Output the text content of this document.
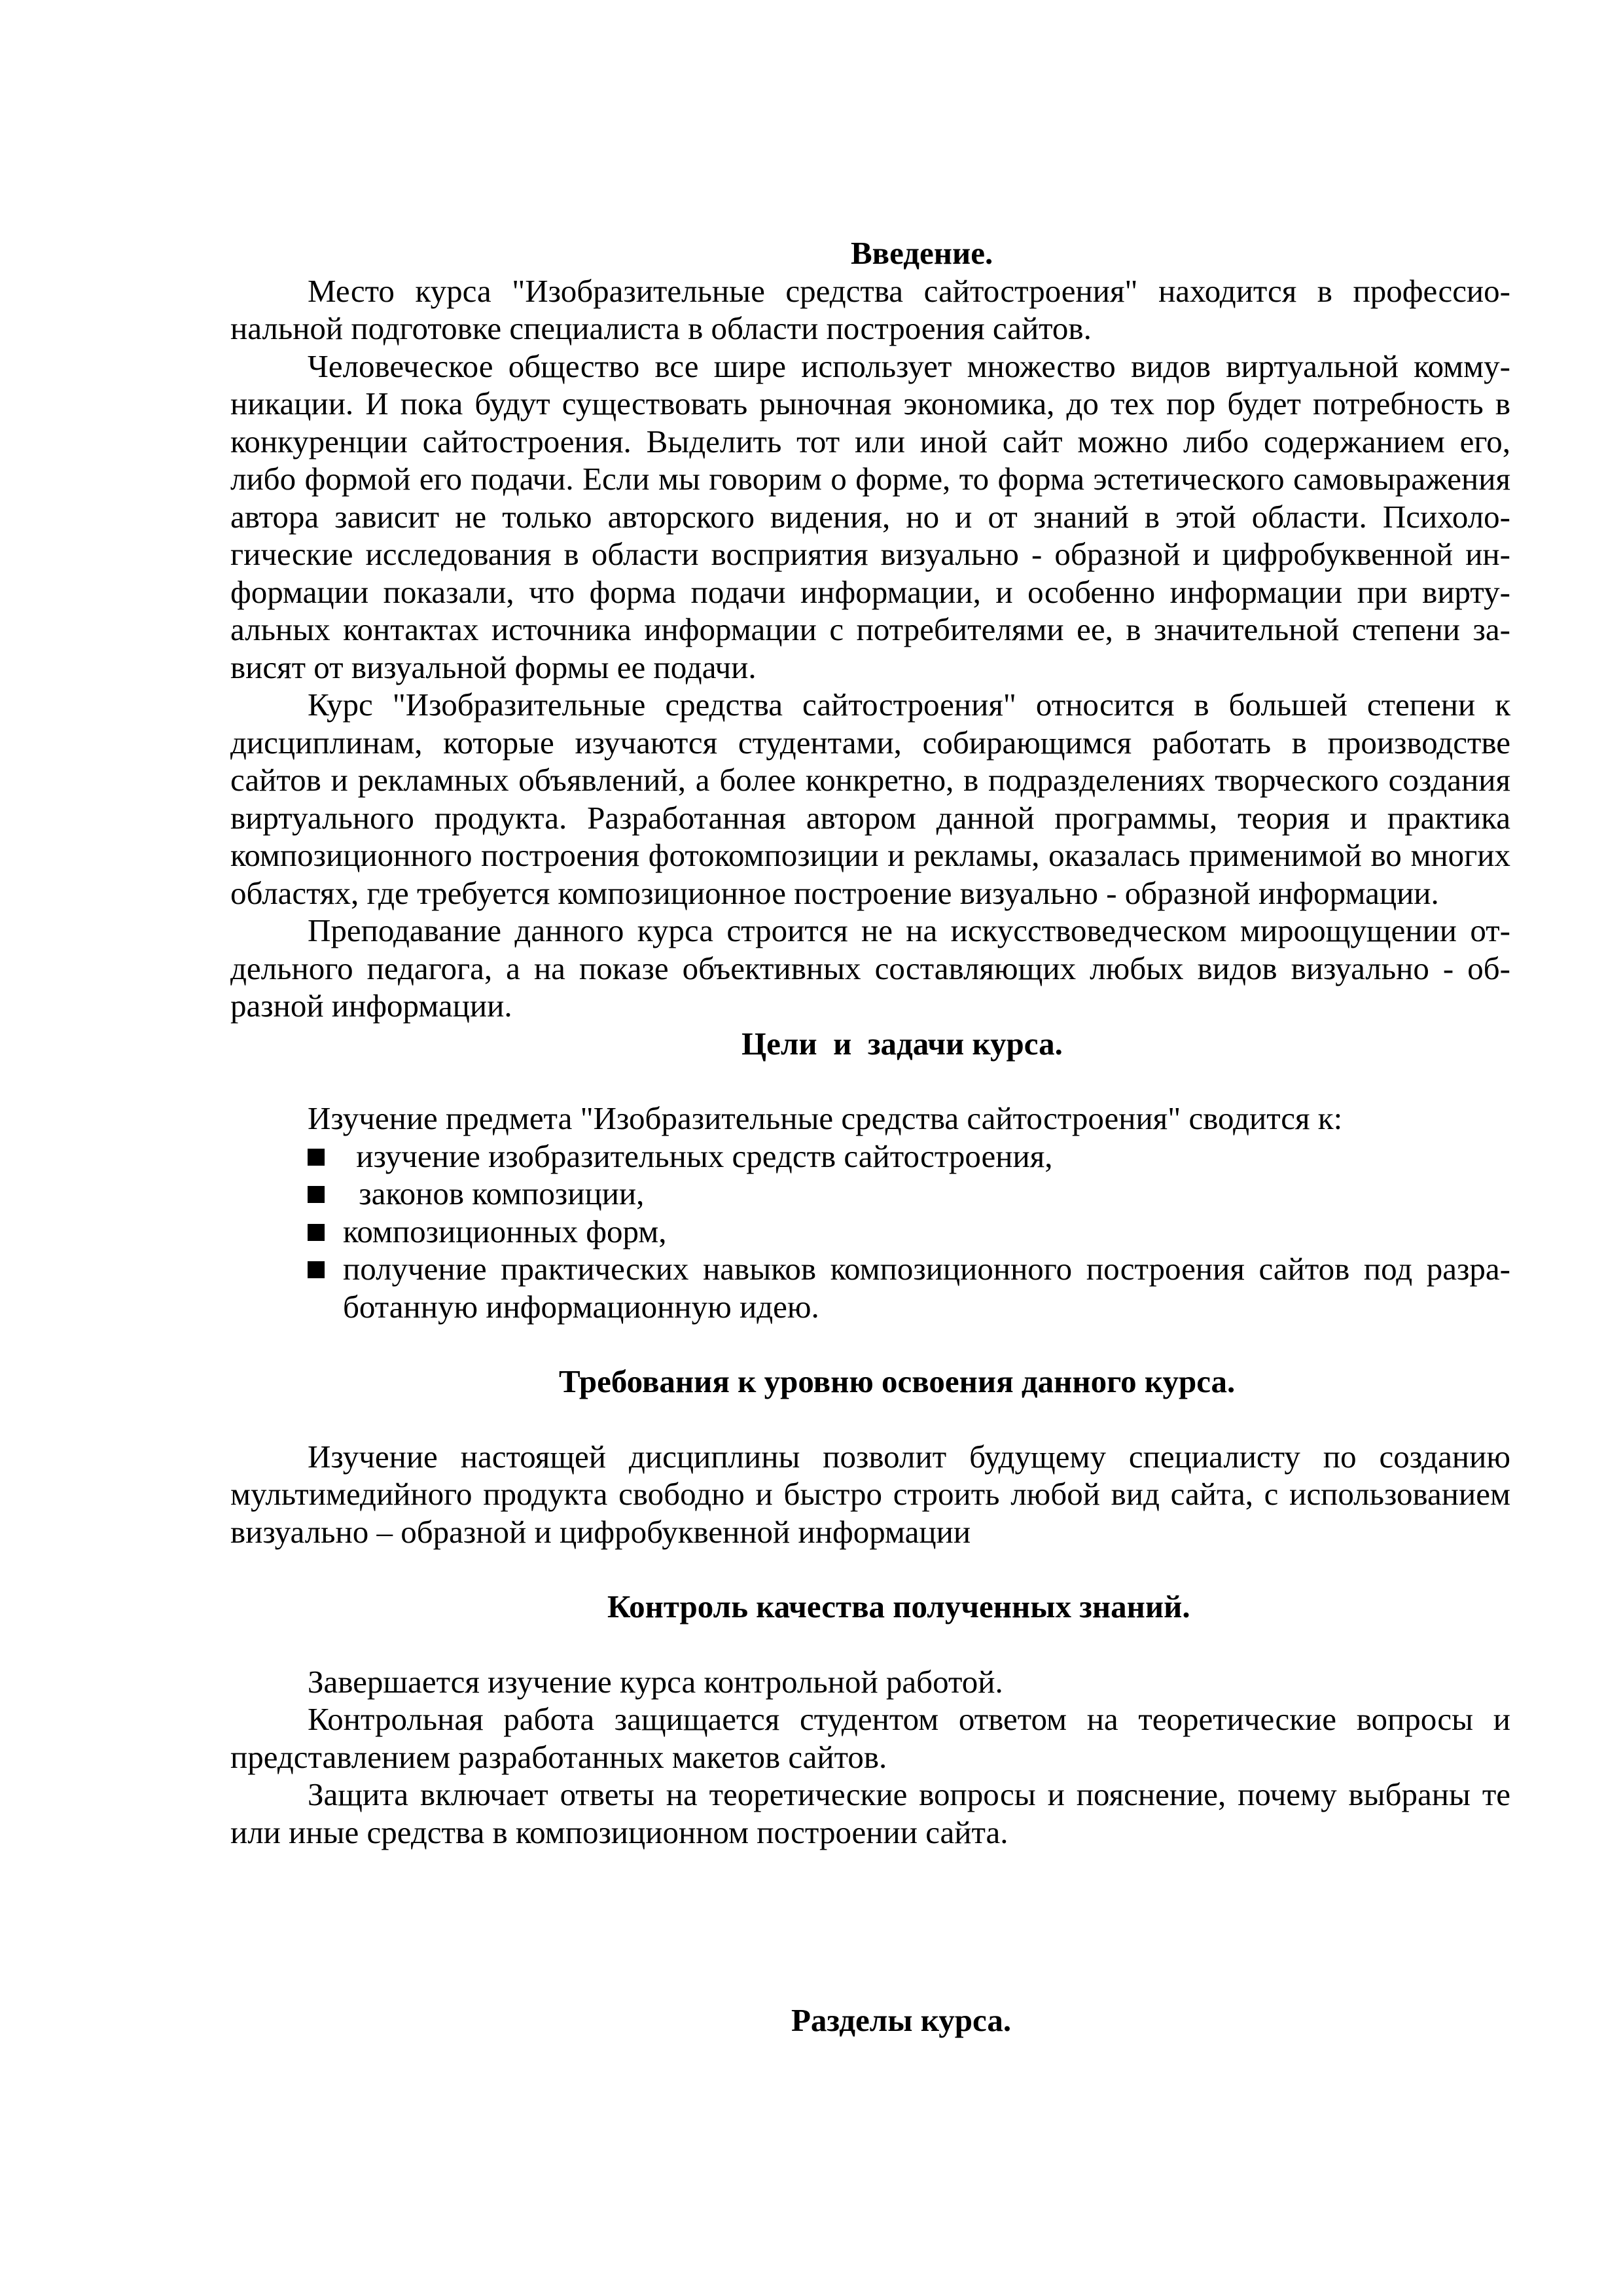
Введение.

Место курса "Изобразительные средства сайтостроения" находится в профессиональной подготовке специалиста в области построения сайтов.

Человеческое общество все шире использует множество видов виртуальной коммуникации. И пока будут существовать рыночная экономика, до тех пор будет потребность в конкуренции сайтостроения. Выделить тот или иной сайт можно либо содержанием его, либо формой его подачи. Если мы говорим о форме, то форма эстетического самовыражения автора зависит не только авторского видения, но и от знаний в этой области. Психологические исследования в области восприятия визуально - образной и цифробуквенной информации показали, что форма подачи информации, и особенно информации при виртуальных контактах источника информации с потребителями ее, в значительной степени зависят от визуальной формы ее подачи.

Курс "Изобразительные средства сайтостроения" относится в большей степени к дисциплинам, которые изучаются студентами, собирающимся работать в производстве сайтов и рекламных объявлений, а более конкретно, в подразделениях творческого создания виртуального продукта. Разработанная автором данной программы, теория и практика композиционного построения фотокомпозиции и рекламы, оказалась применимой во многих областях, где требуется композиционное построение визуально - образной информации.

Преподавание данного курса строится не на искусствоведческом мироощущении отдельного педагога, а на показе объективных составляющих любых видов визуально - образной информации.

Цели  и  задачи курса.

Изучение предмета "Изобразительные средства сайтостроения" сводится к:

изучение изобразительных средств сайтостроения,
законов композиции,
композиционных форм,
получение практических навыков композиционного построения сайтов под разработанную информационную идею.

Требования к уровню освоения данного курса.

Изучение настоящей дисциплины позволит будущему специалисту по созданию мультимедийного продукта свободно и быстро строить любой вид сайта, с использованием визуально – образной и цифробуквенной информации

Контроль качества полученных знаний.

Завершается изучение курса контрольной работой.

Контрольная работа защищается студентом ответом на теоретические вопросы и представлением разработанных макетов сайтов.

Защита включает ответы на теоретические вопросы и пояснение, почему выбраны те или иные средства в композиционном построении сайта.

Разделы курса.
